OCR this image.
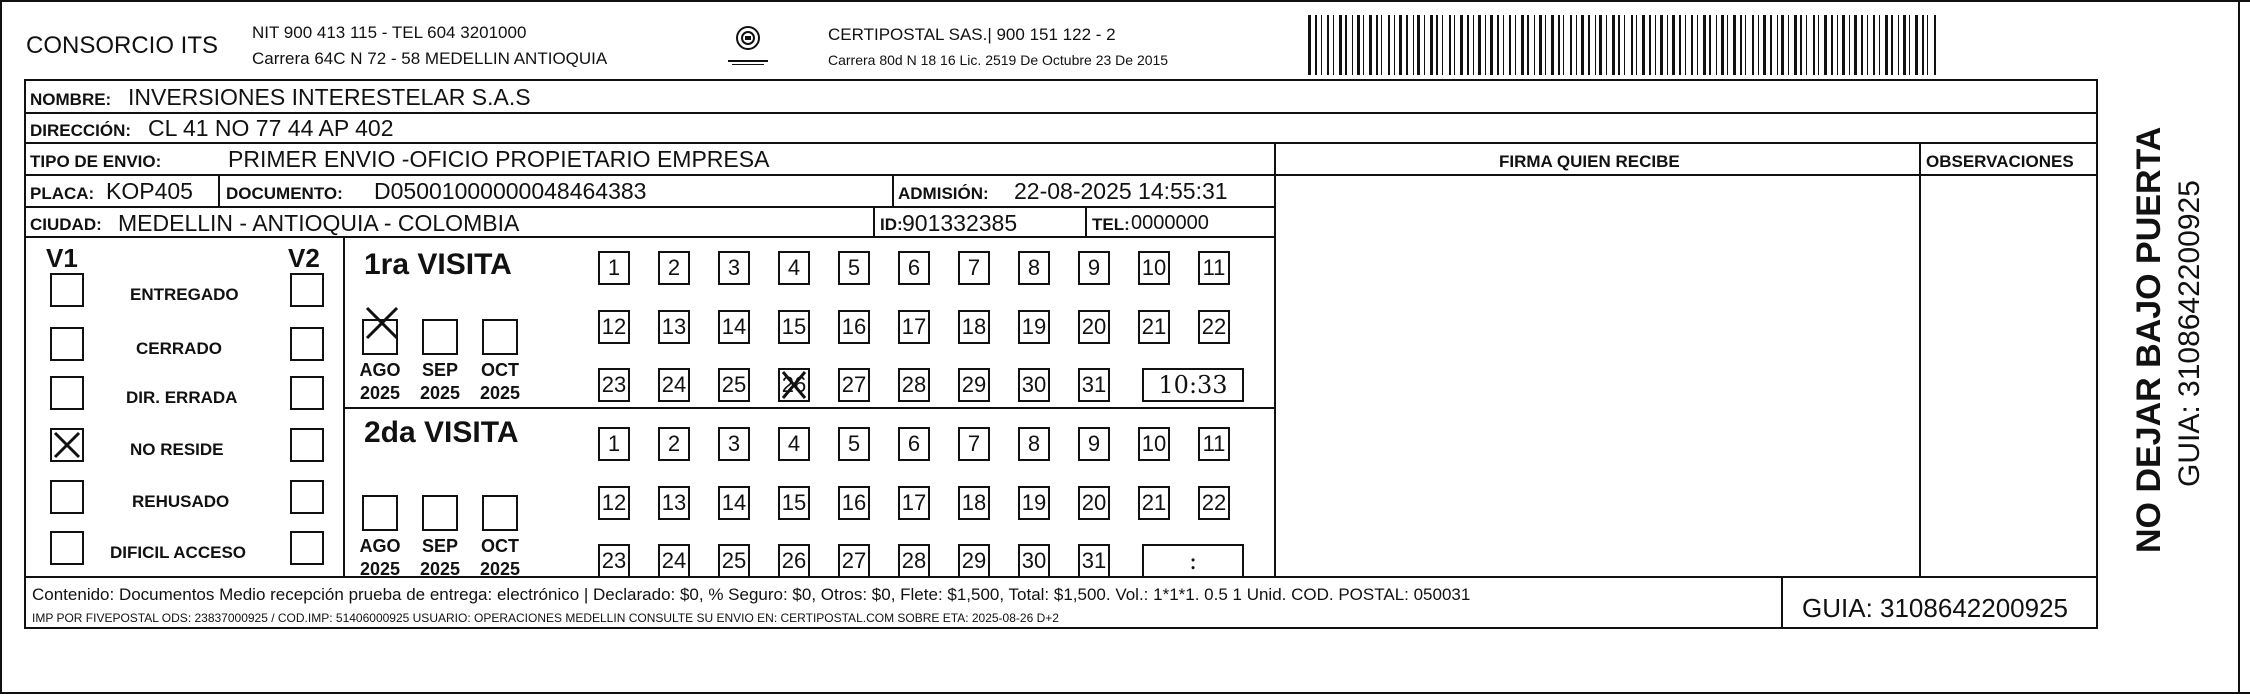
CONSORCIO ITS NIT 900 413 115 - TEL 604 3201000
Carrera 64C N 72 - 58 MEDELLIN ANTIOQUIA
CERTIPOSTAL SAS.| 900 151 122 - 2
Carrera 80d N 18 16 Lic. 2519 De Octubre 23 De 2015
NOMBRE: INVERSIONES INTERESTELAR S.A.S
DIRECCIÓN: CL 41 NO 77 44 AP 402
TIPO DE ENVIO:	PRIMER ENVIO -OFICIO PROPIETARIO EMPRESA
PLACA: KOP405 DOCUMENTO: D05001000000048464383	ADMISIÓN: 22-08-2025 14:55:31
CIUDAD: MEDELLIN - ANTIOQUIA - COLOMBIA	ID: 901332385	TEL: 0000000
FIRMA QUIEN RECIBE	OBSERVACIONES
V1	V2 1ra VISITA
2da VISITA
Contenido: Documentos Medio recepción prueba de entrega: electrónico | Declarado: $0, % Seguro: $0, Otros: $0, Flete: $1,500, Total: $1,500. Vol.: 1*1*1. 0.5 1 Unid. COD. POSTAL: 050031
IMP POR FIVEPOSTAL ODS: 23837000925 / COD.IMP: 51406000925 USUARIO: OPERACIONES MEDELLIN CONSULTE SU ENVIO EN: CERTIPOSTAL.COM SOBRE ETA: 2025-08-26 D+2	GUIA: 3108642200925
NO DEJAR BAJO PUERTA GUIA: 3108642200925
ENTREGADO
CERRADO
DIR. ERRADA
NO RESIDE
REHUSADO
DIFICIL ACCESO
AGO 2025
SEP 2025
OCT 2025
1	2	3	4	5	6	7	8	9	10 11
12 13 14 15 16 17 18 19 20 21 22
23 24 25 26 27 28 29 30 31	10:33
AGO 2025
SEP 2025
OCT 2025
1	2	3	4	5	6	7	8	9	10 11
12 13 14 15 16 17 18 19 20 21 22
23 24 25 26 27 28 29 30 31	:
